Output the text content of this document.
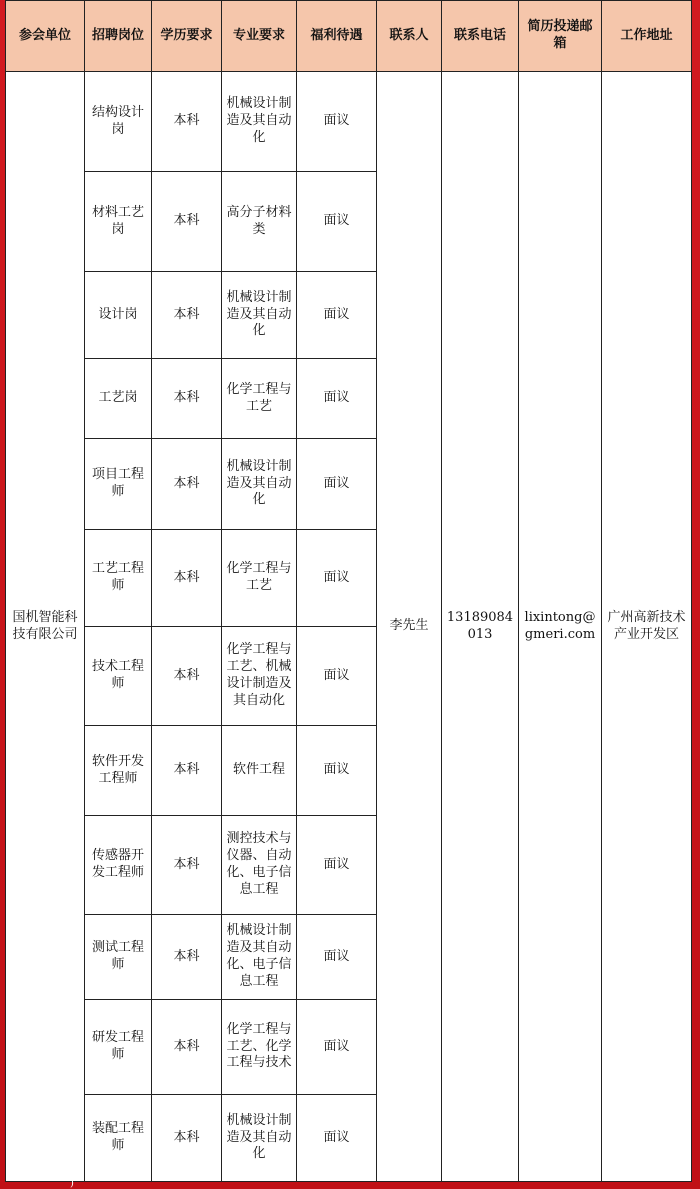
参会单位	招聘岗位	学历要求	专业要求	福利待遇	联系人	联系电话	简历投递邮箱	工作地址
国机智能科技有限公司	结构设计岗	本科	机械设计制造及其自动化	面议	李先生	13189084013	lixintong@gmeri.com	广州高新技术产业开发区
	材料工艺岗	本科	高分子材料类	面议				
	设计岗	本科	机械设计制造及其自动化	面议				
	工艺岗	本科	化学工程与工艺	面议				
	项目工程师	本科	机械设计制造及其自动化	面议				
	工艺工程师	本科	化学工程与工艺	面议				
	技术工程师	本科	化学工程与工艺、机械设计制造及其自动化	面议				
	软件开发工程师	本科	软件工程	面议				
	传感器开发工程师	本科	测控技术与仪器、自动化、电子信息工程	面议				
	测试工程师	本科	机械设计制造及其自动化、电子信息工程	面议				
	研发工程师	本科	化学工程与工艺、化学工程与技术	面议				
	装配工程师	本科	机械设计制造及其自动化	面议				
)
